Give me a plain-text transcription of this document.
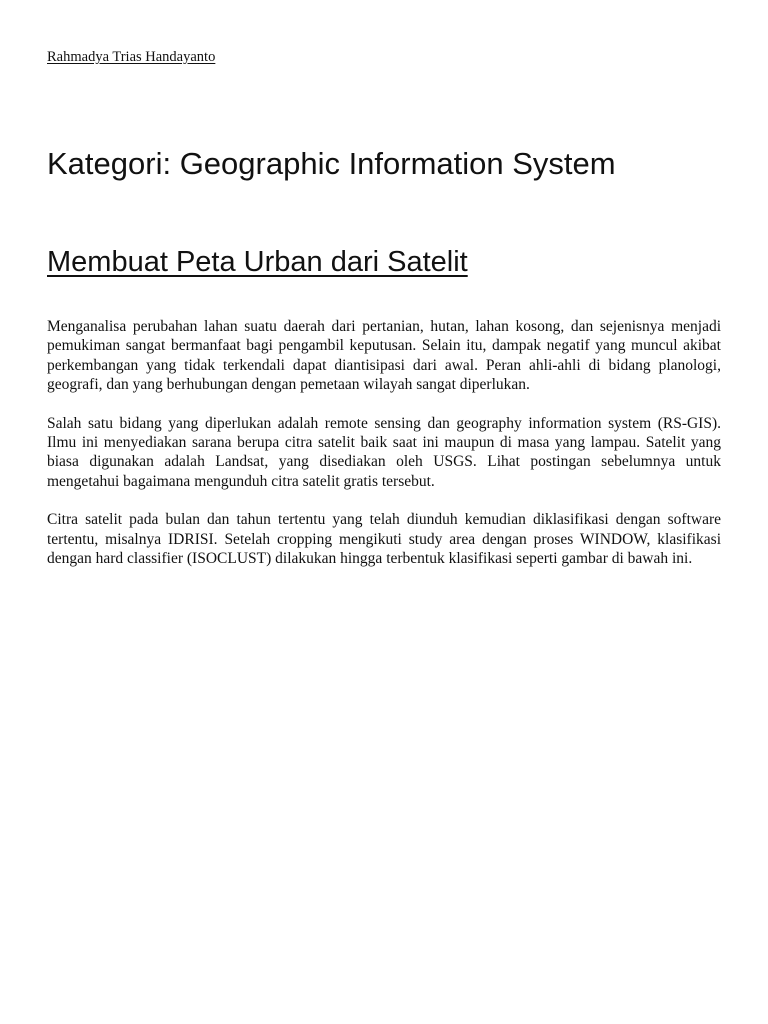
Rahmadya Trias Handayanto
Kategori: Geographic Information System
Membuat Peta Urban dari Satelit

Menganalisa perubahan lahan suatu daerah dari pertanian, hutan, lahan kosong, dan sejenisnya menjadi pemukiman sangat bermanfaat bagi pengambil keputusan. Selain itu, dampak negatif yang muncul akibat perkembangan yang tidak terkendali dapat diantisipasi dari awal. Peran ahli-ahli di bidang planologi, geografi, dan yang berhubungan dengan pemetaan wilayah sangat diperlukan.

Salah satu bidang yang diperlukan adalah remote sensing dan geography information system (RS-GIS). Ilmu ini menyediakan sarana berupa citra satelit baik saat ini maupun di masa yang lampau. Satelit yang biasa digunakan adalah Landsat, yang disediakan oleh USGS. Lihat postingan sebelumnya untuk mengetahui bagaimana mengunduh citra satelit gratis tersebut.

Citra satelit pada bulan dan tahun tertentu yang telah diunduh kemudian diklasifikasi dengan software tertentu, misalnya IDRISI. Setelah cropping mengikuti study area dengan proses WINDOW, klasifikasi dengan hard classifier (ISOCLUST) dilakukan hingga terbentuk klasifikasi seperti gambar di bawah ini.
